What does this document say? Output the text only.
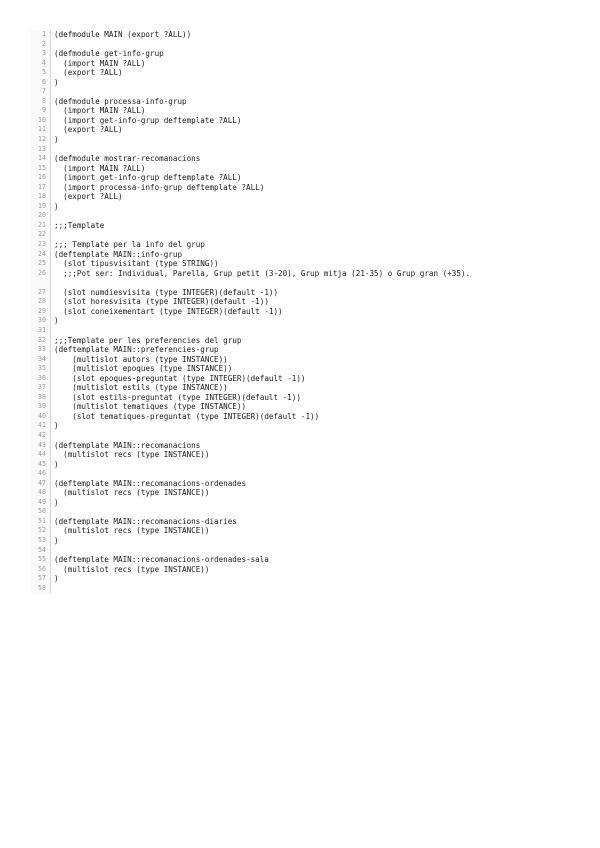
1	(defmodule MAIN (export ?ALL))
2
3	(defmodule get-info-grup
4	(import MAIN ?ALL)
5	(export ?ALL)
6	)
7
8	(defmodule processa-info-grup
9	(import MAIN ?ALL)
10	(import get-info-grup deftemplate ?ALL)
11	(export ?ALL)
12	)
13
14	(defmodule mostrar-recomanacions
15	(import MAIN ?ALL)
16	(import get-info-grup deftemplate ?ALL)
17	(import processa-info-grup deftemplate ?ALL)
18	(export ?ALL)
19	)
20
21	;;;Template
22
23	;;; Template per la info del grup
24	(deftemplate MAIN::info-grup
25	(slot tipusvisitant (type STRING))
26	;;;Pot ser: Individual, Parella, Grup petit (3-20), Grup mitja (21-35) o Grup gran (+35).
27	(slot numdiesvisita (type INTEGER)(default -1))
28	(slot horesvisita (type INTEGER)(default -1))
29	(slot coneixementart (type INTEGER)(default -1))
30	)
31
32	;;;Template per les preferencies del grup
33	(deftemplate MAIN::preferencies-grup
34	(multislot autors (type INSTANCE))
35	(multislot epoques (type INSTANCE))
36	(slot epoques-preguntat (type INTEGER)(default -1))
37	(multislot estils (type INSTANCE))
38	(slot estils-preguntat (type INTEGER)(default -1))
39	(multislot tematiques (type INSTANCE))
40	(slot tematiques-preguntat (type INTEGER)(default -1))
41	)
42
43	(deftemplate MAIN::recomanacions
44	(multislot recs (type INSTANCE))
45	)
46
47	(deftemplate MAIN::recomanacions-ordenades
48	(multislot recs (type INSTANCE))
49	)
50
51	(deftemplate MAIN::recomanacions-diaries
52	(multislot recs (type INSTANCE))
53	)
54
55	(deftemplate MAIN::recomanacions-ordenades-sala
56	(multislot recs (type INSTANCE))
57	)
58
